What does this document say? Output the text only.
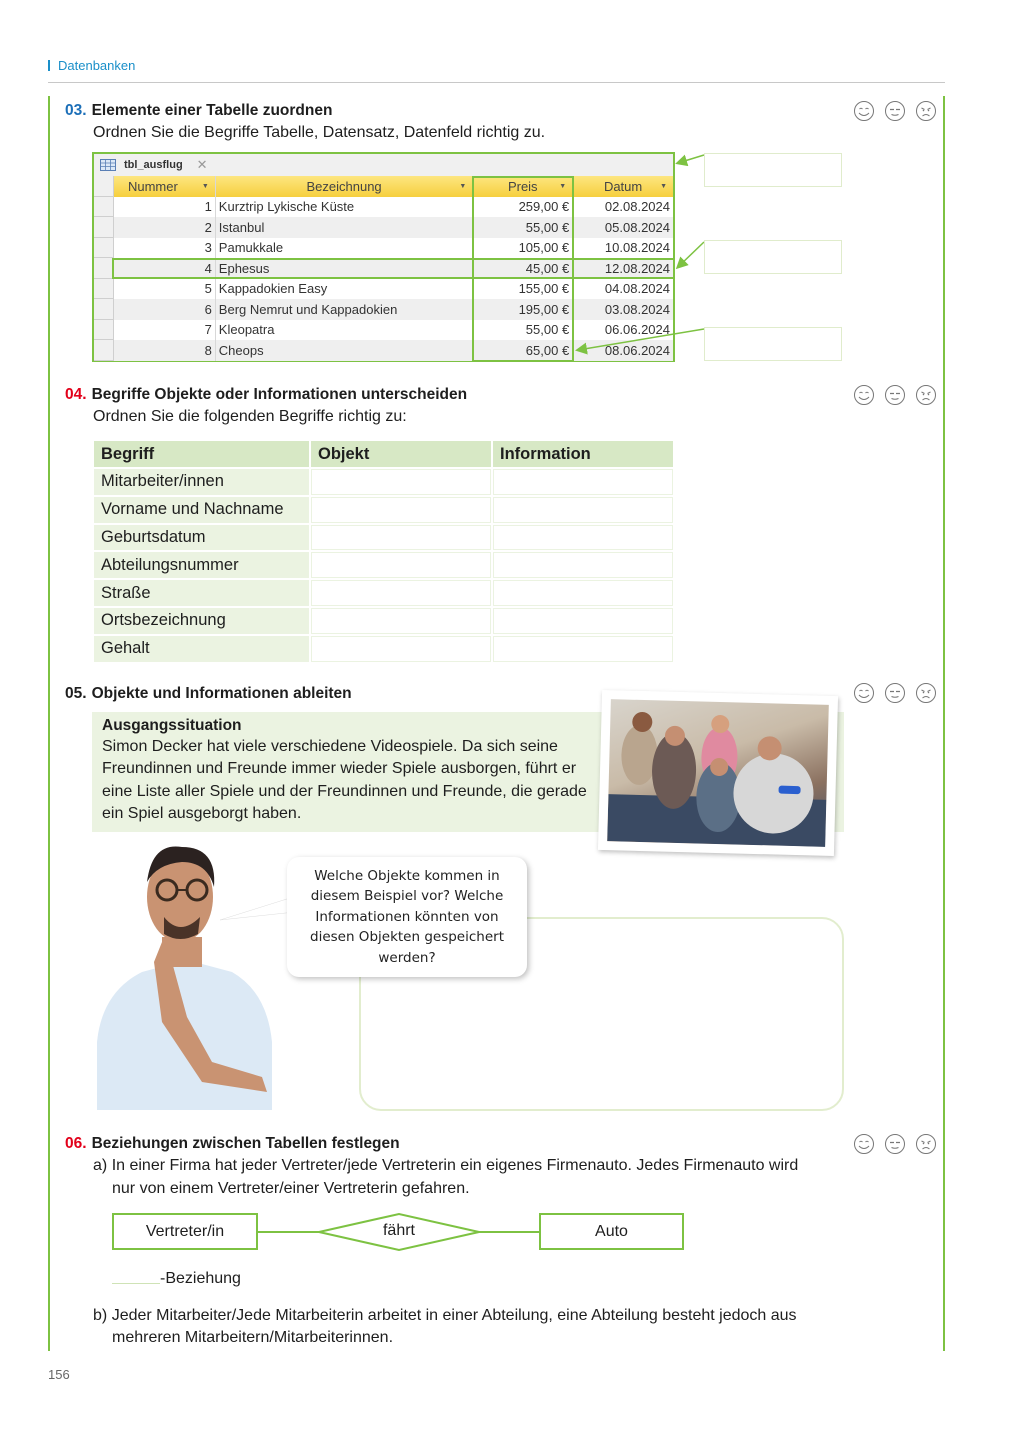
Datenbanken
03. Elemente einer Tabelle zuordnen
Ordnen Sie die Begriffe Tabelle, Datensatz, Datenfeld richtig zu.
tbl_ausflug ✕
Nummer	▼	Bezeichnung	▼	Preis	▼	Datum	▼
1 Kurztrip Lykische Küste	259,00 €	02.08.2024
2 Istanbul	55,00 €	05.08.2024
3 Pamukkale	105,00 €	10.08.2024
4 Ephesus	45,00 €	12.08.2024
5 Kappadokien Easy	155,00 €	04.08.2024
6 Berg Nemrut und Kappadokien	195,00 €	03.08.2024
7 Kleopatra	55,00 €	06.06.2024
8 Cheops	65,00 €	08.06.2024
04. Begriffe Objekte oder Informationen unterscheiden
Ordnen Sie die folgenden Begriffe richtig zu:
Begriff	Objekt	Information
Mitarbeiter/innen		
Vorname und Nachname		
Geburtsdatum		
Abteilungsnummer		
Straße		
Ortsbezeichnung		
Gehalt		
05. Objekte und Informationen ableiten
Ausgangssituation
Simon Decker hat viele verschiedene Videospiele. Da sich seine Freundinnen und Freunde immer wieder Spiele ausborgen, führt er eine Liste aller Spiele und der Freundinnen und Freunde, die gerade ein Spiel ausgeborgt haben.
Welche Objekte kommen in diesem Beispiel vor? Welche Informationen könnten von diesen Objekten gespeichert werden?
06. Beziehungen zwischen Tabellen festlegen
a) In einer Firma hat jeder Vertreter/jede Vertreterin ein eigenes Firmenauto. Jedes Firmenauto wird
nur von einem Vertreter/einer Vertreterin gefahren.
Vertreter/in	fährt	Auto
-Beziehung
b) Jeder Mitarbeiter/Jede Mitarbeiterin arbeitet in einer Abteilung, eine Abteilung besteht jedoch aus
mehreren Mitarbeitern/Mitarbeiterinnen.
156
